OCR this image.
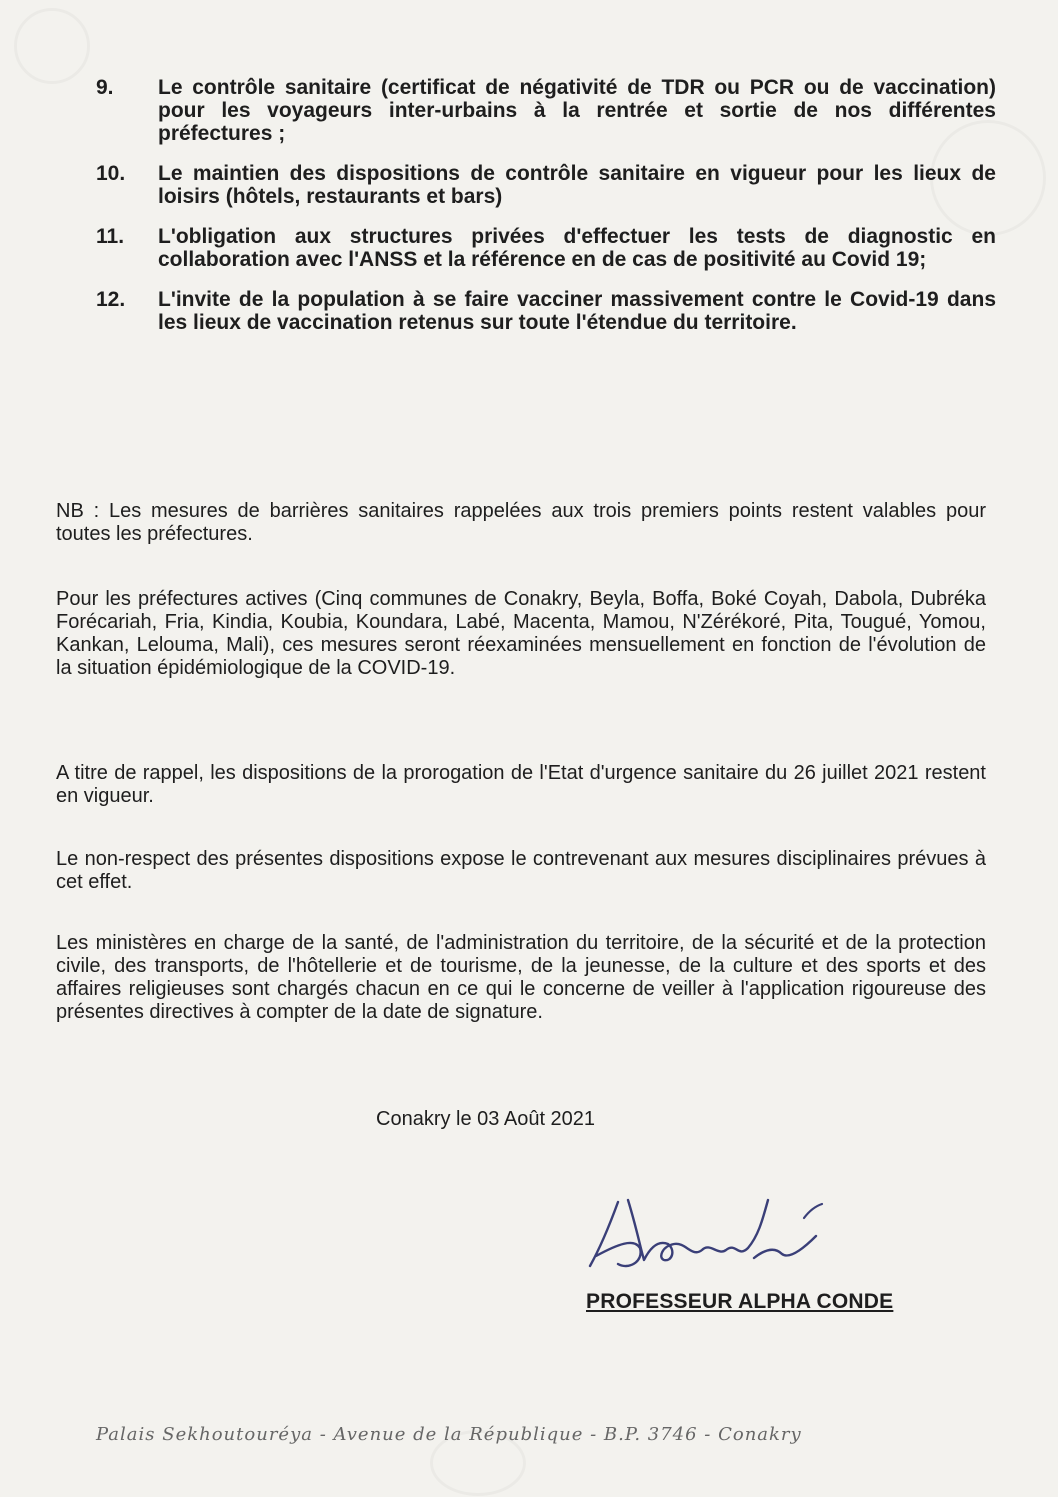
9.	Le contrôle sanitaire (certificat de négativité de TDR ou PCR ou de vaccination) pour les voyageurs inter-urbains à la rentrée et sortie de nos différentes préfectures ;
10.	Le maintien des dispositions de contrôle sanitaire en vigueur pour les lieux de loisirs (hôtels, restaurants et bars)
11.	L'obligation aux structures privées d'effectuer les tests de diagnostic en collaboration avec l'ANSS et la référence en de cas de positivité au Covid 19;
12.	L'invite de la population à se faire vacciner massivement contre le Covid-19 dans les lieux de vaccination retenus sur toute l'étendue du territoire.

NB : Les mesures de barrières sanitaires rappelées aux trois premiers points restent valables pour toutes les préfectures.

Pour les préfectures actives (Cinq communes de Conakry, Beyla, Boffa, Boké Coyah, Dabola, Dubréka Forécariah, Fria, Kindia, Koubia, Koundara, Labé, Macenta, Mamou, N'Zérékoré, Pita, Tougué, Yomou, Kankan, Lelouma, Mali), ces mesures seront réexaminées mensuellement en fonction de l'évolution de la situation épidémiologique de la COVID-19.

A titre de rappel, les dispositions de la prorogation de l'Etat d'urgence sanitaire du 26 juillet 2021 restent en vigueur.

Le non-respect des présentes dispositions expose le contrevenant aux mesures disciplinaires prévues à cet effet.

Les ministères en charge de la santé, de l'administration du territoire, de la sécurité et de la protection civile, des transports, de l'hôtellerie et de tourisme, de la jeunesse, de la culture et des sports et des affaires religieuses sont chargés chacun en ce qui le concerne de veiller à l'application rigoureuse des présentes directives à compter de la date de signature.

Conakry le 03 Août 2021
PROFESSEUR ALPHA CONDE
Palais Sekhoutouréya - Avenue de la République - B.P. 3746 - Conakry
